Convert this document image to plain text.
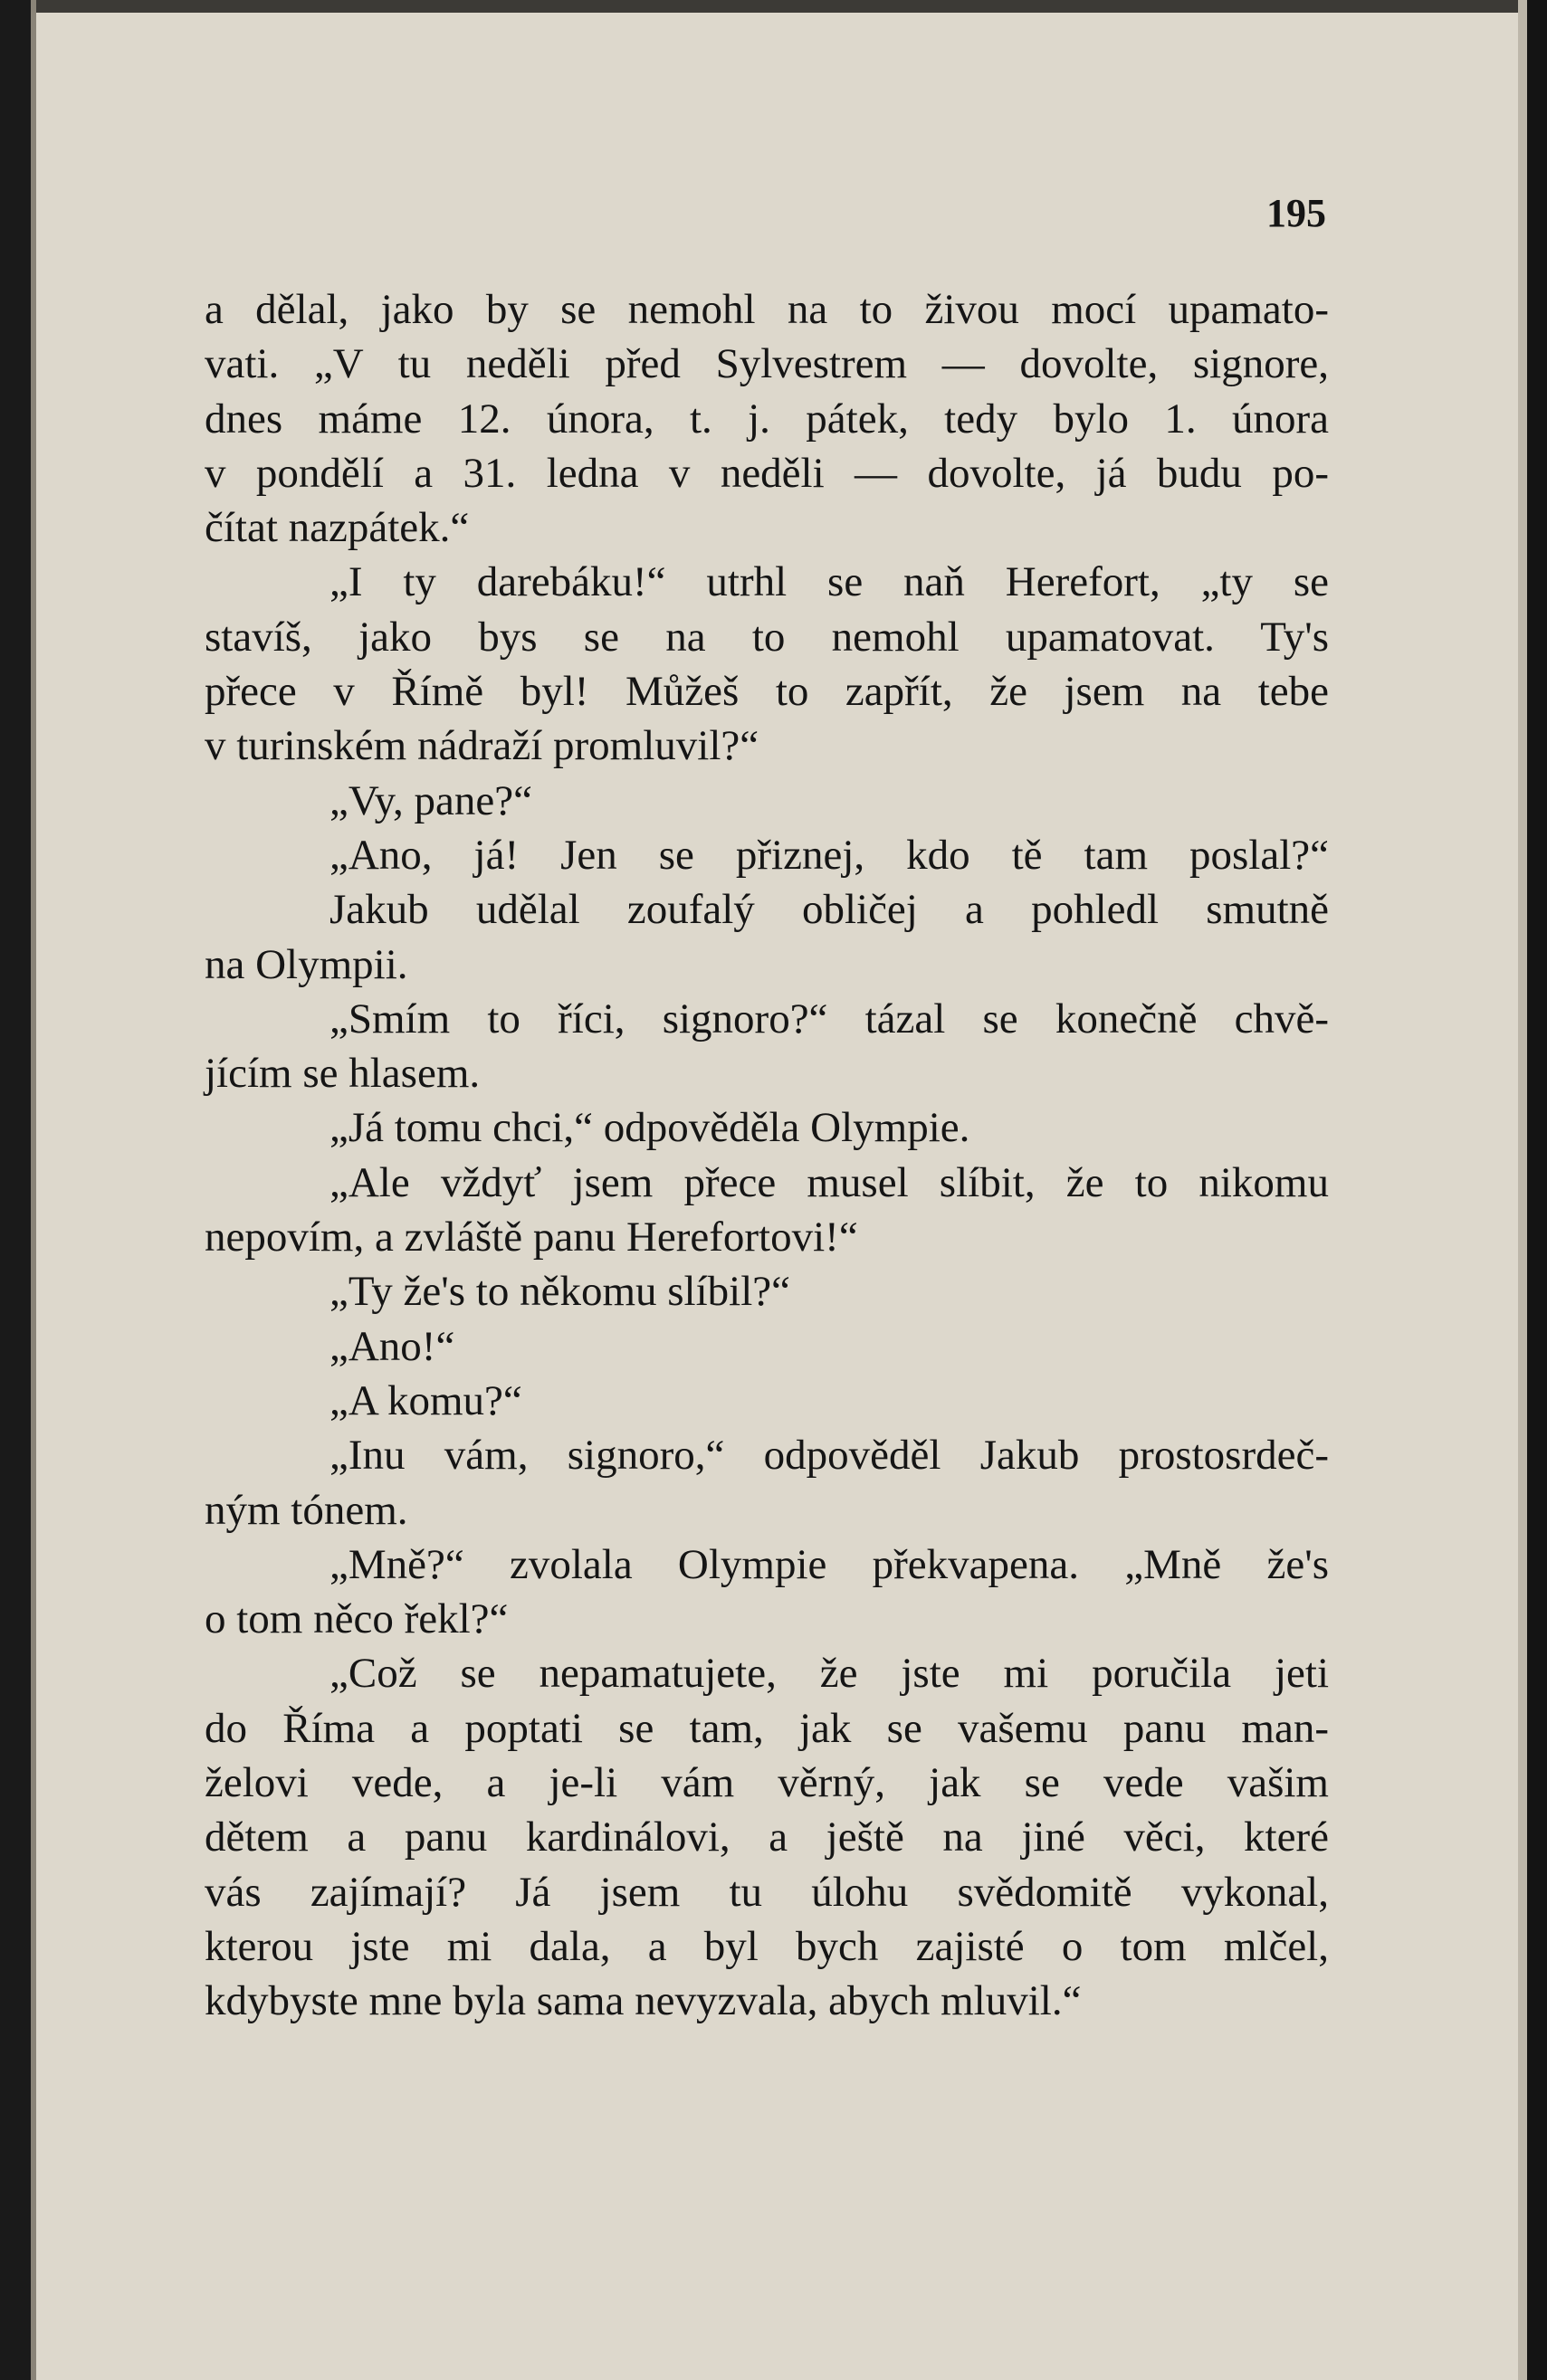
195
a dělal, jako by se nemohl na to živou mocí upamato-
vati. „V tu neděli před Sylvestrem — dovolte, signore,
dnes máme 12. února, t. j. pátek, tedy bylo 1. února
v pondělí a 31. ledna v neděli — dovolte, já budu po-
čítat nazpátek.“
„I ty darebáku!“ utrhl se naň Herefort, „ty se
stavíš, jako bys se na to nemohl upamatovat. Ty's
přece v Římě byl! Můžeš to zapřít, že jsem na tebe
v turinském nádraží promluvil?“
„Vy, pane?“
„Ano, já! Jen se přiznej, kdo tě tam poslal?“
Jakub udělal zoufalý obličej a pohledl smutně
na Olympii.
„Smím to říci, signoro?“ tázal se konečně chvě-
jícím se hlasem.
„Já tomu chci,“ odpověděla Olympie.
„Ale vždyť jsem přece musel slíbit, že to nikomu
nepovím, a zvláště panu Herefortovi!“
„Ty že's to někomu slíbil?“
„Ano!“
„A komu?“
„Inu vám, signoro,“ odpověděl Jakub prostosrdeč-
ným tónem.
„Mně?“ zvolala Olympie překvapena. „Mně že's
o tom něco řekl?“
„Což se nepamatujete, že jste mi poručila jeti
do Říma a poptati se tam, jak se vašemu panu man-
želovi vede, a je-li vám věrný, jak se vede vašim
dětem a panu kardinálovi, a ještě na jiné věci, které
vás zajímají? Já jsem tu úlohu svědomitě vykonal,
kterou jste mi dala, a byl bych zajisté o tom mlčel,
kdybyste mne byla sama nevyzvala, abych mluvil.“
